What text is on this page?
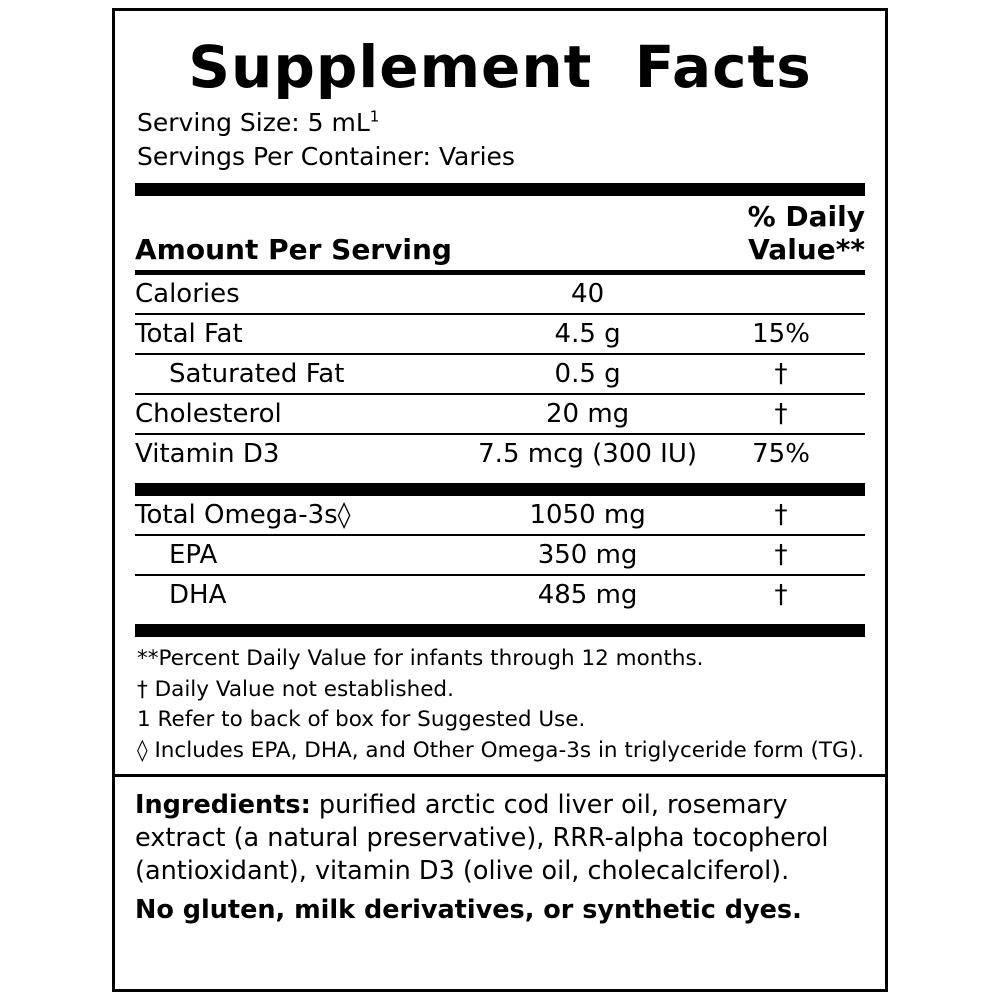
Supplement  Facts
Serving Size: 5 $mL^1$
Servings Per Container: Varies
Amount Per Serving		% Daily Value**
Calories	40	
Total Fat	4.5 g	15%
Saturated Fat	0.5 g	†
Cholesterol	20 mg	†
Vitamin D3	7.5 mcg (300 IU)	75%
Total Omega-3s◊	1050 mg	†
EPA	350 mg	†
DHA	485 mg	†
**Percent Daily Value for infants through 12 months.
† Daily Value not established.
1 Refer to back of box for Suggested Use.
◊ Includes EPA, DHA, and Other Omega-3s in triglyceride form (TG).
Ingredients: purified arctic cod liver oil, rosemary extract (a natural preservative), RRR-alpha tocopherol (antioxidant), vitamin D3 (olive oil, cholecalciferol).
No gluten, milk derivatives, or synthetic dyes.
